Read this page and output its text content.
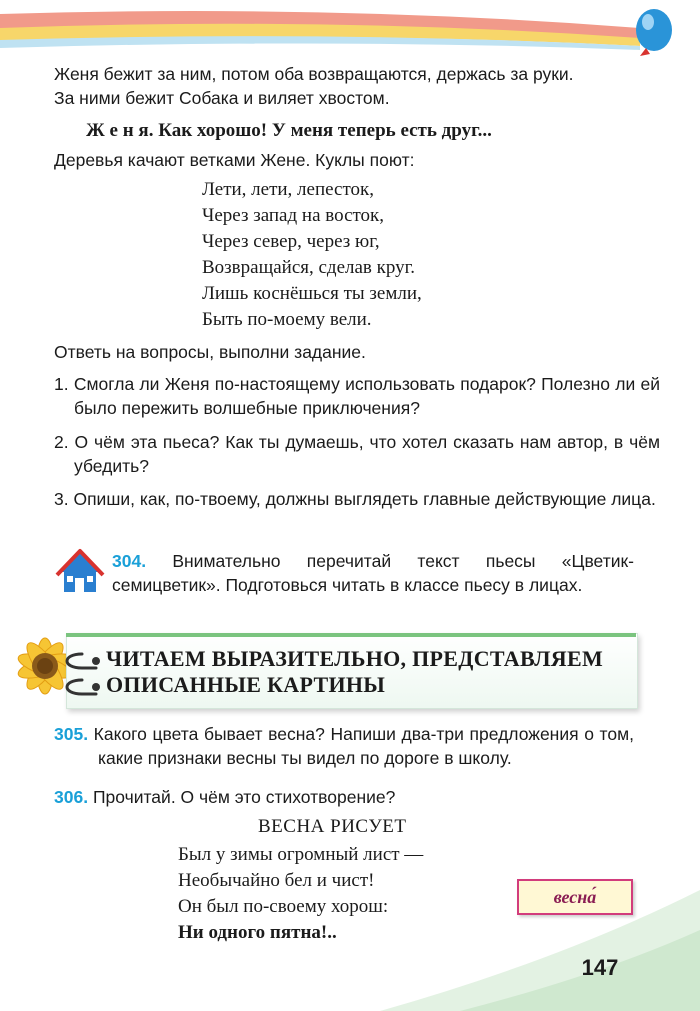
Женя бежит за ним, потом оба возвращаются, держась за руки.
За ними бежит Собака и виляет хвостом.
Ж е н я. Как хорошо! У меня теперь есть друг...
Деревья качают ветками Жене. Куклы поют:
Лети, лети, лепесток,
Через запад на восток,
Через север, через юг,
Возвращайся, сделав круг.
Лишь коснёшься ты земли,
Быть по-моему вели.
Ответь на вопросы, выполни задание.
1. Смогла ли Женя по-настоящему использовать подарок? Полезно ли ей было пережить волшебные приключения?
2. О чём эта пьеса? Как ты думаешь, что хотел сказать нам автор, в чём убедить?
3. Опиши, как, по-твоему, должны выглядеть главные действующие лица.
304. Внимательно перечитай текст пьесы «Цветик-семицветик». Подготовься читать в классе пьесу в лицах.
ЧИТАЕМ ВЫРАЗИТЕЛЬНО, ПРЕДСТАВЛЯЕМ
ОПИСАННЫЕ КАРТИНЫ
305. Какого цвета бывает весна? Напиши два-три предложения о том, какие признаки весны ты видел по дороге в школу.
306. Прочитай. О чём это стихотворение?
ВЕСНА РИСУЕТ
Был у зимы огромный лист —
Необычайно бел и чист!
Он был по-своему хорош:
Ни одного пятна!..
весна́
147
